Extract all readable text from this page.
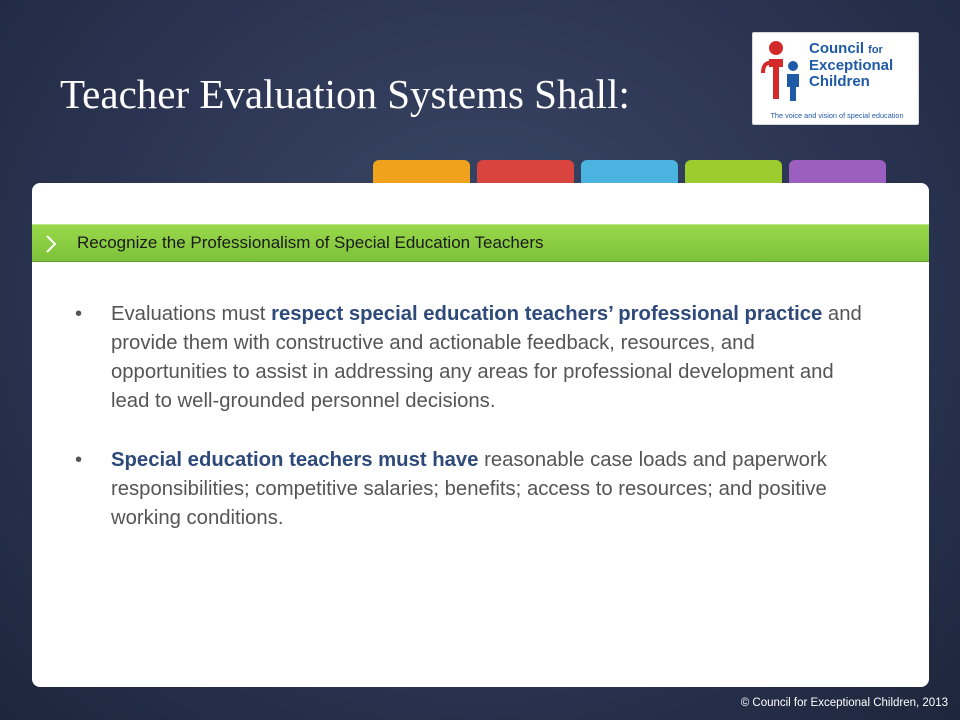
Teacher Evaluation Systems Shall:
Council for
Exceptional
Children
The voice and vision of special education
Recognize the Professionalism of Special Education Teachers
• Evaluations must respect special education teachers’ professional practice and provide them with constructive and actionable feedback, resources, and opportunities to assist in addressing any areas for professional development and lead to well-grounded personnel decisions.
• Special education teachers must have reasonable case loads and paperwork responsibilities; competitive salaries; benefits; access to resources; and positive working conditions.
© Council for Exceptional Children, 2013
